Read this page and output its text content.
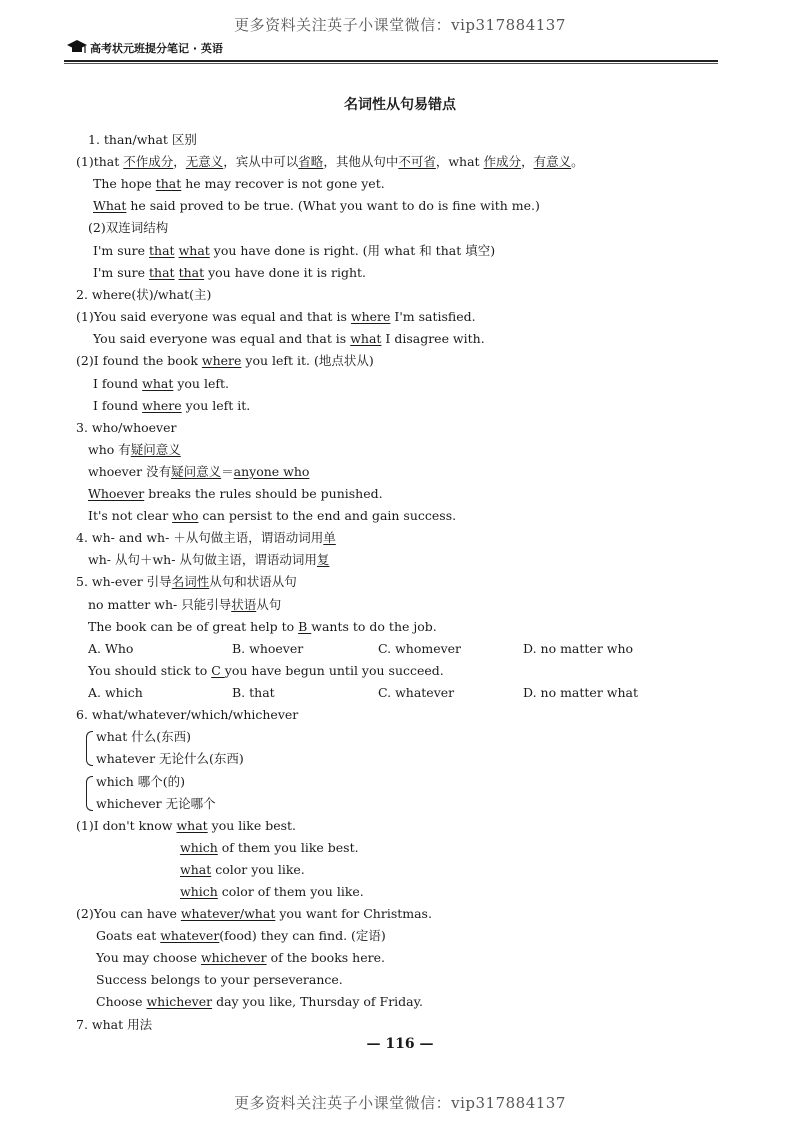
更多资料关注英子小课堂微信：vip317884137
高考状元班提分笔记 · 英语
名词性从句易错点
1. than/what 区别
(1)that 不作成分，无意义，宾从中可以省略，其他从句中不可省，what 作成分，有意义。
The hope that he may recover is not gone yet.
What he said proved to be true. (What you want to do is fine with me.)
(2)双连词结构
I'm sure that what you have done is right. (用 what 和 that 填空)
I'm sure that that you have done it is right.
2. where(状)/what(主)
(1)You said everyone was equal and that is where I'm satisfied.
You said everyone was equal and that is what I disagree with.
(2)I found the book where you left it. (地点状从)
I found what you left.
I found where you left it.
3. who/whoever
who 有疑问意义
whoever 没有疑问意义＝anyone who
Whoever breaks the rules should be punished.
It's not clear who can persist to the end and gain success.
4. wh- and wh- ＋从句做主语，谓语动词用单
wh- 从句＋wh- 从句做主语，谓语动词用复
5. wh-ever 引导名词性从句和状语从句
no matter wh- 只能引导状语从句
The book can be of great help to B wants to do the job.
A. Who	B. whoever	C. whomever	D. no matter who
You should stick to C you have begun until you succeed.
A. which	B. that	C. whatever	D. no matter what
6. what/whatever/which/whichever
what 什么(东西)
whatever 无论什么(东西)
which 哪个(的)
whichever 无论哪个
(1)I don't know what you like best.
which of them you like best.
what color you like.
which color of them you like.
(2)You can have whatever/what you want for Christmas.
Goats eat whatever(food) they can find. (定语)
You may choose whichever of the books here.
Success belongs to your perseverance.
Choose whichever day you like, Thursday of Friday.
7. what 用法
— 116 —
更多资料关注英子小课堂微信：vip317884137
